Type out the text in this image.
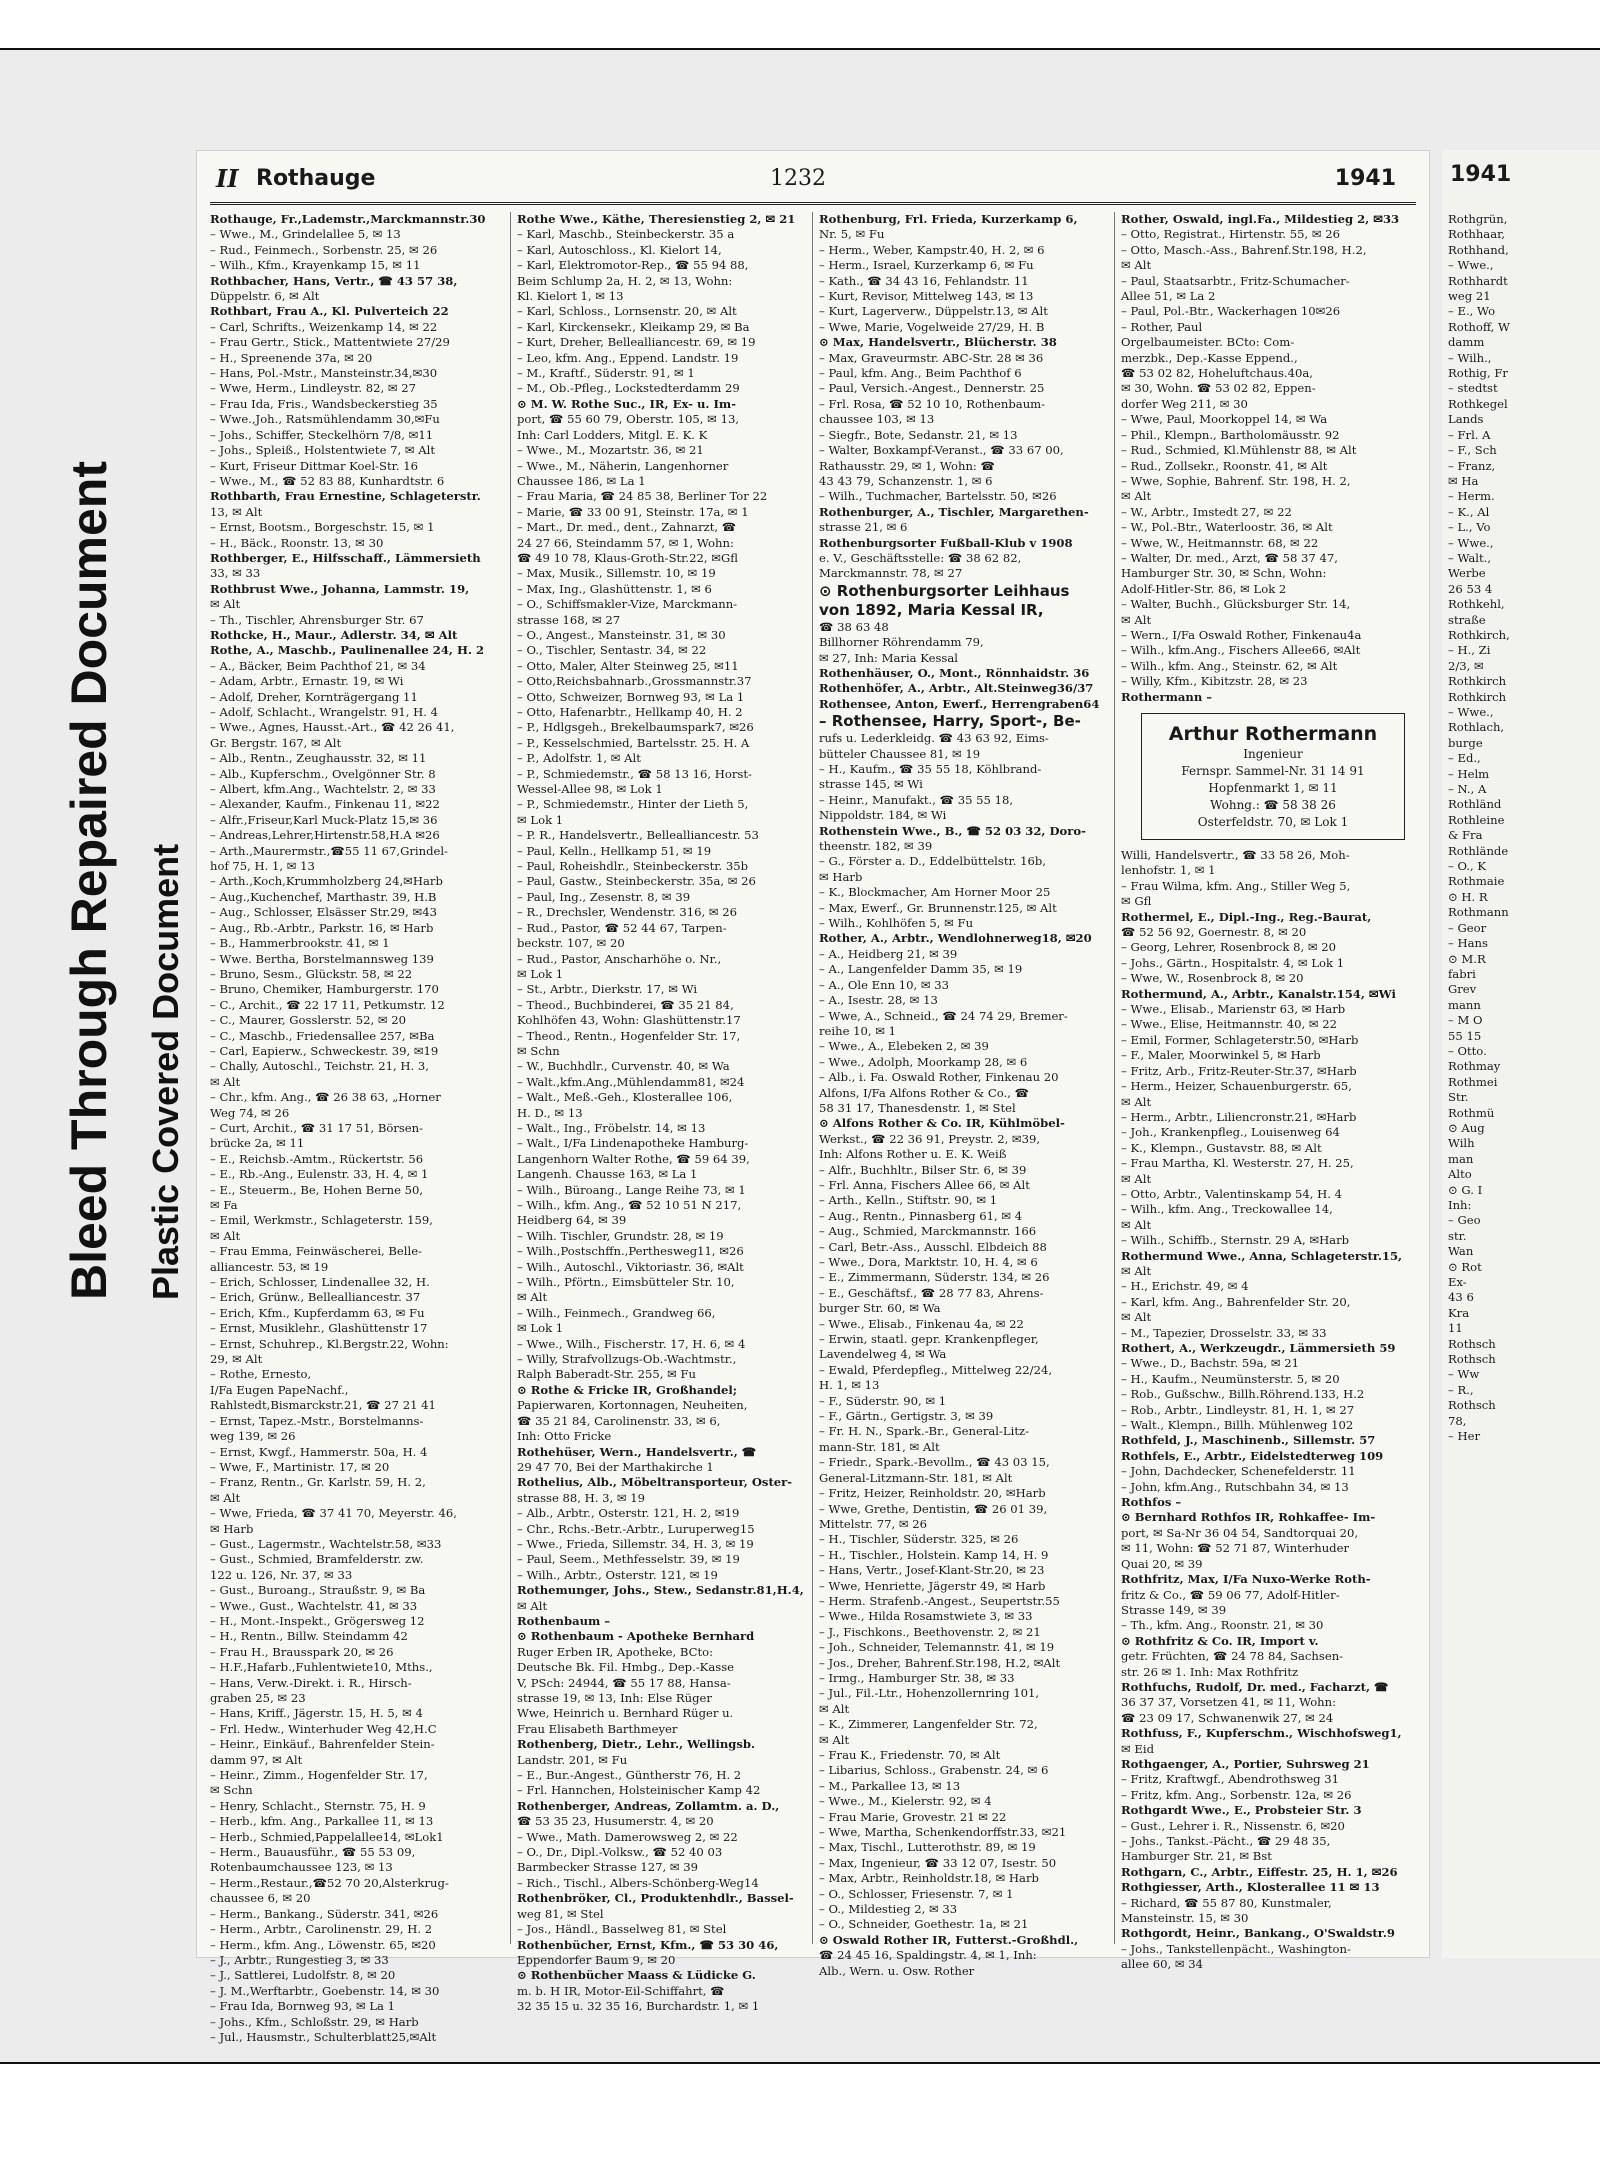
Bleed Through Repaired Document
Plastic Covered Document
II Rothauge	1232	1941

Rothauge, Fr.,Lademstr.,Marckmannstr.30

– Wwe., M., Grindelallee 5, ✉ 13

– Rud., Feinmech., Sorbenstr. 25, ✉ 26

– Wilh., Kfm., Krayenkamp 15, ✉ 11

Rothbacher, Hans, Vertr., ☎ 43 57 38,

Düppelstr. 6, ✉ Alt

Rothbart, Frau A., Kl. Pulverteich 22

– Carl, Schrifts., Weizenkamp 14, ✉ 22

– Frau Gertr., Stick., Mattentwiete 27/29

– H., Spreenende 37a, ✉ 20

– Hans, Pol.-Mstr., Mansteinstr.34,✉30

– Wwe, Herm., Lindleystr. 82, ✉ 27

– Frau Ida, Fris., Wandsbeckerstieg 35

– Wwe.,Joh., Ratsmühlendamm 30,✉Fu

– Johs., Schiffer, Steckelhörn 7/8, ✉11

– Johs., Spleiß., Holstentwiete 7, ✉ Alt

– Kurt, Friseur Dittmar Koel-Str. 16

– Wwe., M., ☎ 52 83 88, Kunhardtstr. 6

Rothbarth, Frau Ernestine, Schlageterstr.

13, ✉ Alt

– Ernst, Bootsm., Borgeschstr. 15, ✉ 1

– H., Bäck., Roonstr. 13, ✉ 30

Rothberger, E., Hilfsschaff., Lämmersieth

33, ✉ 33

Rothbrust Wwe., Johanna, Lammstr. 19,

✉ Alt

– Th., Tischler, Ahrensburger Str. 67

Rothcke, H., Maur., Adlerstr. 34, ✉ Alt

Rothe, A., Maschb., Paulinenallee 24, H. 2

– A., Bäcker, Beim Pachthof 21, ✉ 34

– Adam, Arbtr., Ernastr. 19, ✉ Wi

– Adolf, Dreher, Kornträgergang 11

– Adolf, Schlacht., Wrangelstr. 91, H. 4

– Wwe., Agnes, Hausst.-Art., ☎ 42 26 41,

Gr. Bergstr. 167, ✉ Alt

– Alb., Rentn., Zeughausstr. 32, ✉ 11

– Alb., Kupferschm., Ovelgönner Str. 8

– Albert, kfm.Ang., Wachtelstr. 2, ✉ 33

– Alexander, Kaufm., Finkenau 11, ✉22

– Alfr.,Friseur,Karl Muck-Platz 15,✉ 36

– Andreas,Lehrer,Hirtenstr.58,H.A ✉26

– Arth.,Maurermstr.,☎55 11 67,Grindel-

hof 75, H. 1, ✉ 13

– Arth.,Koch,Krummholzberg 24,✉Harb

– Aug.,Kuchenchef, Marthastr. 39, H.B

– Aug., Schlosser, Elsässer Str.29, ✉43

– Aug., Rb.-Arbtr., Parkstr. 16, ✉ Harb

– B., Hammerbrookstr. 41, ✉ 1

– Wwe. Bertha, Borstelmannsweg 139

– Bruno, Sesm., Glückstr. 58, ✉ 22

– Bruno, Chemiker, Hamburgerstr. 170

– C., Archit., ☎ 22 17 11, Petkumstr. 12

– C., Maurer, Gosslerstr. 52, ✉ 20

– C., Maschb., Friedensallee 257, ✉Ba

– Carl, Eapierw., Schweckestr. 39, ✉19

– Chally, Autoschl., Teichstr. 21, H. 3,

✉ Alt

– Chr., kfm. Ang., ☎ 26 38 63, „Horner

Weg 74, ✉ 26

– Curt, Archit., ☎ 31 17 51, Börsen-

brücke 2a, ✉ 11

– E., Reichsb.-Amtm., Rückertstr. 56

– E., Rb.-Ang., Eulenstr. 33, H. 4, ✉ 1

– E., Steuerm., Be, Hohen Berne 50,

✉ Fa

– Emil, Werkmstr., Schlageterstr. 159,

✉ Alt

– Frau Emma, Feinwäscherei, Belle-

alliancestr. 53, ✉ 19

– Erich, Schlosser, Lindenallee 32, H.

– Erich, Grünw., Bellealliancestr. 37

– Erich, Kfm., Kupferdamm 63, ✉ Fu

– Ernst, Musiklehr., Glashüttenstr 17

– Ernst, Schuhrep., Kl.Bergstr.22, Wohn:

29, ✉ Alt

– Rothe, Ernesto,

I/Fa Eugen PapeNachf.,

Rahlstedt,Bismarckstr.21, ☎ 27 21 41

– Ernst, Tapez.-Mstr., Borstelmanns-

weg 139, ✉ 26

– Ernst, Kwgf., Hammerstr. 50a, H. 4

– Wwe, F., Martinistr. 17, ✉ 20

– Franz, Rentn., Gr. Karlstr. 59, H. 2,

✉ Alt

– Wwe, Frieda, ☎ 37 41 70, Meyerstr. 46,

✉ Harb

– Gust., Lagermstr., Wachtelstr.58, ✉33

– Gust., Schmied, Bramfelderstr. zw.

122 u. 126, Nr. 37, ✉ 33

– Gust., Buroang., Straußstr. 9, ✉ Ba

– Wwe., Gust., Wachtelstr. 41, ✉ 33

– H., Mont.-Inspekt., Grögersweg 12

– H., Rentn., Billw. Steindamm 42

– Frau H., Brausspark 20, ✉ 26

– H.F.,Hafarb.,Fuhlentwiete10, Mths.,

– Hans, Verw.-Direkt. i. R., Hirsch-

graben 25, ✉ 23

– Hans, Kriff., Jägerstr. 15, H. 5, ✉ 4

– Frl. Hedw., Winterhuder Weg 42,H.C

– Heinr., Einkäuf., Bahrenfelder Stein-

damm 97, ✉ Alt

– Heinr., Zimm., Hogenfelder Str. 17,

✉ Schn

– Henry, Schlacht., Sternstr. 75, H. 9

– Herb., kfm. Ang., Parkallee 11, ✉ 13

– Herb., Schmied,Pappelallee14, ✉Lok1

– Herm., Bauausführ., ☎ 55 53 09,

Rotenbaumchaussee 123, ✉ 13

– Herm.,Restaur.,☎52 70 20,Alsterkrug-

chaussee 6, ✉ 20

– Herm., Bankang., Süderstr. 341, ✉26

– Herm., Arbtr., Carolinenstr. 29, H. 2

– Herm., kfm. Ang., Löwenstr. 65, ✉20

– J., Arbtr., Rungestieg 3, ✉ 33

– J., Sattlerei, Ludolfstr. 8, ✉ 20

– J. M.,Werftarbtr., Goebenstr. 14, ✉ 30

– Frau Ida, Bornweg 93, ✉ La 1

– Johs., Kfm., Schloßstr. 29, ✉ Harb

– Jul., Hausmstr., Schulterblatt25,✉Alt

Rothe Wwe., Käthe, Theresienstieg 2, ✉ 21

– Karl, Maschb., Steinbeckerstr. 35 a

– Karl, Autoschloss., Kl. Kielort 14,

– Karl, Elektromotor-Rep., ☎ 55 94 88,

Beim Schlump 2a, H. 2, ✉ 13, Wohn:

Kl. Kielort 1, ✉ 13

– Karl, Schloss., Lornsenstr. 20, ✉ Alt

– Karl, Kirckensekr., Kleikamp 29, ✉ Ba

– Kurt, Dreher, Bellealliancestr. 69, ✉ 19

– Leo, kfm. Ang., Eppend. Landstr. 19

– M., Kraftf., Süderstr. 91, ✉ 1

– M., Ob.-Pfleg., Lockstedterdamm 29

⊙ M. W. Rothe Suc., IR, Ex- u. Im-

port, ☎ 55 60 79, Oberstr. 105, ✉ 13,

Inh: Carl Lodders, Mitgl. E. K. K

– Wwe., M., Mozartstr. 36, ✉ 21

– Wwe., M., Näherin, Langenhorner

Chaussee 186, ✉ La 1

– Frau Maria, ☎ 24 85 38, Berliner Tor 22

– Marie, ☎ 33 00 91, Steinstr. 17a, ✉ 1

– Mart., Dr. med., dent., Zahnarzt, ☎

24 27 66, Steindamm 57, ✉ 1, Wohn:

☎ 49 10 78, Klaus-Groth-Str.22, ✉Gfl

– Max, Musik., Sillemstr. 10, ✉ 19

– Max, Ing., Glashüttenstr. 1, ✉ 6

– O., Schiffsmakler-Vize, Marckmann-

strasse 168, ✉ 27

– O., Angest., Mansteinstr. 31, ✉ 30

– O., Tischler, Sentastr. 34, ✉ 22

– Otto, Maler, Alter Steinweg 25, ✉11

– Otto,Reichsbahnarb.,Grossmannstr.37

– Otto, Schweizer, Bornweg 93, ✉ La 1

– Otto, Hafenarbtr., Hellkamp 40, H. 2

– P., Hdlgsgeh., Brekelbaumspark7, ✉26

– P., Kesselschmied, Bartelsstr. 25. H. A

– P., Adolfstr. 1, ✉ Alt

– P., Schmiedemstr., ☎ 58 13 16, Horst-

Wessel-Allee 98, ✉ Lok 1

– P., Schmiedemstr., Hinter der Lieth 5,

✉ Lok 1

– P. R., Handelsvertr., Bellealliancestr. 53

– Paul, Kelln., Hellkamp 51, ✉ 19

– Paul, Roheishdlr., Steinbeckerstr. 35b

– Paul, Gastw., Steinbeckerstr. 35a, ✉ 26

– Paul, Ing., Zesenstr. 8, ✉ 39

– R., Drechsler, Wendenstr. 316, ✉ 26

– Rud., Pastor, ☎ 52 44 67, Tarpen-

beckstr. 107, ✉ 20

– Rud., Pastor, Anscharhöhe o. Nr.,

✉ Lok 1

– St., Arbtr., Dierkstr. 17, ✉ Wi

– Theod., Buchbinderei, ☎ 35 21 84,

Kohlhöfen 43, Wohn: Glashüttenstr.17

– Theod., Rentn., Hogenfelder Str. 17,

✉ Schn

– W., Buchhdlr., Curvenstr. 40, ✉ Wa

– Walt.,kfm.Ang.,Mühlendamm81, ✉24

– Walt., Meß.-Geh., Klosterallee 106,

H. D., ✉ 13

– Walt., Ing., Fröbelstr. 14, ✉ 13

– Walt., I/Fa Lindenapotheke Hamburg-

Langenhorn Walter Rothe, ☎ 59 64 39,

Langenh. Chausse 163, ✉ La 1

– Wilh., Büroang., Lange Reihe 73, ✉ 1

– Wilh., kfm. Ang., ☎ 52 10 51 N 217,

Heidberg 64, ✉ 39

– Wilh. Tischler, Grundstr. 28, ✉ 19

– Wilh.,Postschffn.,Perthesweg11, ✉26

– Wilh., Autoschl., Viktoriastr. 36, ✉Alt

– Wilh., Pförtn., Eimsbütteler Str. 10,

✉ Alt

– Wilh., Feinmech., Grandweg 66,

✉ Lok 1

– Wwe., Wilh., Fischerstr. 17, H. 6, ✉ 4

– Willy, Strafvollzugs-Ob.-Wachtmstr.,

Ralph Baberadt-Str. 255, ✉ Fu

⊙ Rothe & Fricke IR, Großhandel;

Papierwaren, Kortonnagen, Neuheiten,

☎ 35 21 84, Carolinenstr. 33, ✉ 6,

Inh: Otto Fricke

Rothehüser, Wern., Handelsvertr., ☎

29 47 70, Bei der Marthakirche 1

Rothelius, Alb., Möbeltransporteur, Oster-

strasse 88, H. 3, ✉ 19

– Alb., Arbtr., Osterstr. 121, H. 2, ✉19

– Chr., Rchs.-Betr.-Arbtr., Luruperweg15

– Wwe., Frieda, Sillemstr. 34, H. 3, ✉ 19

– Paul, Seem., Methfesselstr. 39, ✉ 19

– Wilh., Arbtr., Osterstr. 121, ✉ 19

Rothemunger, Johs., Stew., Sedanstr.81,H.4,

✉ Alt

Rothenbaum –

⊙ Rothenbaum - Apotheke Bernhard

Ruger Erben IR, Apotheke, BCto:

Deutsche Bk. Fil. Hmbg., Dep.-Kasse

V, PSch: 24944, ☎ 55 17 88, Hansa-

strasse 19, ✉ 13, Inh: Else Rüger

Wwe, Heinrich u. Bernhard Rüger u.

Frau Elisabeth Barthmeyer

Rothenberg, Dietr., Lehr., Wellingsb.

Landstr. 201, ✉ Fu

– E., Bur.-Angest., Güntherstr 76, H. 2

– Frl. Hannchen, Holsteinischer Kamp 42

Rothenberger, Andreas, Zollamtm. a. D.,

☎ 53 35 23, Husumerstr. 4, ✉ 20

– Wwe., Math. Damerowsweg 2, ✉ 22

– O., Dr., Dipl.-Volksw., ☎ 52 40 03

Barmbecker Strasse 127, ✉ 39

– Rich., Tischl., Albers-Schönberg-Weg14

Rothenbröker, Cl., Produktenhdlr., Bassel-

weg 81, ✉ Stel

– Jos., Händl., Basselweg 81, ✉ Stel

Rothenbücher, Ernst, Kfm., ☎ 53 30 46,

Eppendorfer Baum 9, ✉ 20

⊙ Rothenbücher Maass & Lüdicke G.

m. b. H IR, Motor-Eil-Schiffahrt, ☎

32 35 15 u. 32 35 16, Burchardstr. 1, ✉ 1

Rothenburg, Frl. Frieda, Kurzerkamp 6,

Nr. 5, ✉ Fu

– Herm., Weber, Kampstr.40, H. 2, ✉ 6

– Herm., Israel, Kurzerkamp 6, ✉ Fu

– Kath., ☎ 34 43 16, Fehlandstr. 11

– Kurt, Revisor, Mittelweg 143, ✉ 13

– Kurt, Lagerverw., Düppelstr.13, ✉ Alt

– Wwe, Marie, Vogelweide 27/29, H. B

⊙ Max, Handelsvertr., Blücherstr. 38

– Max, Graveurmstr. ABC-Str. 28 ✉ 36

– Paul, kfm. Ang., Beim Pachthof 6

– Paul, Versich.-Angest., Dennerstr. 25

– Frl. Rosa, ☎ 52 10 10, Rothenbaum-

chaussee 103, ✉ 13

– Siegfr., Bote, Sedanstr. 21, ✉ 13

– Walter, Boxkampf-Veranst., ☎ 33 67 00,

Rathausstr. 29, ✉ 1, Wohn: ☎

43 43 79, Schanzenstr. 1, ✉ 6

– Wilh., Tuchmacher, Bartelsstr. 50, ✉26

Rothenburger, A., Tischler, Margarethen-

strasse 21, ✉ 6

Rothenburgsorter Fußball-Klub v 1908

e. V., Geschäftsstelle: ☎ 38 62 82,

Marckmannstr. 78, ✉ 27

⊙ Rothenburgsorter Leihhaus

von 1892, Maria Kessal IR,

☎ 38 63 48

Billhorner Röhrendamm 79,

✉ 27, Inh: Maria Kessal

Rothenhäuser, O., Mont., Rönnhaidstr. 36

Rothenhöfer, A., Arbtr., Alt.Steinweg36/37

Rothensee, Anton, Ewerf., Herrengraben64

– Rothensee, Harry, Sport-, Be-

rufs u. Lederkleidg. ☎ 43 63 92, Eims-

bütteler Chaussee 81, ✉ 19

– H., Kaufm., ☎ 35 55 18, Köhlbrand-

strasse 145, ✉ Wi

– Heinr., Manufakt., ☎ 35 55 18,

Nippoldstr. 184, ✉ Wi

Rothenstein Wwe., B., ☎ 52 03 32, Doro-

theenstr. 182, ✉ 39

– G., Förster a. D., Eddelbüttelstr. 16b,

✉ Harb

– K., Blockmacher, Am Horner Moor 25

– Max, Ewerf., Gr. Brunnenstr.125, ✉ Alt

– Wilh., Kohlhöfen 5, ✉ Fu

Rother, A., Arbtr., Wendlohnerweg18, ✉20

– A., Heidberg 21, ✉ 39

– A., Langenfelder Damm 35, ✉ 19

– A., Ole Enn 10, ✉ 33

– A., Isestr. 28, ✉ 13

– Wwe, A., Schneid., ☎ 24 74 29, Bremer-

reihe 10, ✉ 1

– Wwe., A., Elebeken 2, ✉ 39

– Wwe., Adolph, Moorkamp 28, ✉ 6

– Alb., i. Fa. Oswald Rother, Finkenau 20

Alfons, I/Fa Alfons Rother & Co., ☎

58 31 17, Thanesdenstr. 1, ✉ Stel

⊙ Alfons Rother & Co. IR, Kühlmöbel-

Werkst., ☎ 22 36 91, Preystr. 2, ✉39,

Inh: Alfons Rother u. E. K. Weiß

– Alfr., Buchhltr., Bilser Str. 6, ✉ 39

– Frl. Anna, Fischers Allee 66, ✉ Alt

– Arth., Kelln., Stiftstr. 90, ✉ 1

– Aug., Rentn., Pinnasberg 61, ✉ 4

– Aug., Schmied, Marckmannstr. 166

– Carl, Betr.-Ass., Ausschl. Elbdeich 88

– Wwe., Dora, Marktstr. 10, H. 4, ✉ 6

– E., Zimmermann, Süderstr. 134, ✉ 26

– E., Geschäftsf., ☎ 28 77 83, Ahrens-

burger Str. 60, ✉ Wa

– Wwe., Elisab., Finkenau 4a, ✉ 22

– Erwin, staatl. gepr. Krankenpfleger,

Lavendelweg 4, ✉ Wa

– Ewald, Pferdepfleg., Mittelweg 22/24,

H. 1, ✉ 13

– F., Süderstr. 90, ✉ 1

– F., Gärtn., Gertigstr. 3, ✉ 39

– Fr. H. N., Spark.-Br., General-Litz-

mann-Str. 181, ✉ Alt

– Friedr., Spark.-Bevollm., ☎ 43 03 15,

General-Litzmann-Str. 181, ✉ Alt

– Fritz, Heizer, Reinholdstr. 20, ✉Harb

– Wwe, Grethe, Dentistin, ☎ 26 01 39,

Mittelstr. 77, ✉ 26

– H., Tischler, Süderstr. 325, ✉ 26

– H., Tischler., Holstein. Kamp 14, H. 9

– Hans, Vertr., Josef-Klant-Str.20, ✉ 23

– Wwe, Henriette, Jägerstr 49, ✉ Harb

– Herm. Strafenb.-Angest., Seupertstr.55

– Wwe., Hilda Rosamstwiete 3, ✉ 33

– J., Fischkons., Beethovenstr. 2, ✉ 21

– Joh., Schneider, Telemannstr. 41, ✉ 19

– Jos., Dreher, Bahrenf.Str.198, H.2, ✉Alt

– Irmg., Hamburger Str. 38, ✉ 33

– Jul., Fil.-Ltr., Hohenzollernring 101,

✉ Alt

– K., Zimmerer, Langenfelder Str. 72,

✉ Alt

– Frau K., Friedenstr. 70, ✉ Alt

– Libarius, Schloss., Grabenstr. 24, ✉ 6

– M., Parkallee 13, ✉ 13

– Wwe., M., Kielerstr. 92, ✉ 4

– Frau Marie, Grovestr. 21 ✉ 22

– Wwe, Martha, Schenkendorffstr.33, ✉21

– Max, Tischl., Lutterothstr. 89, ✉ 19

– Max, Ingenieur, ☎ 33 12 07, Isestr. 50

– Max, Arbtr., Reinholdstr.18, ✉ Harb

– O., Schlosser, Friesenstr. 7, ✉ 1

– O., Mildestieg 2, ✉ 33

– O., Schneider, Goethestr. 1a, ✉ 21

⊙ Oswald Rother IR, Futterst.-Großhdl.,

☎ 24 45 16, Spaldingstr. 4, ✉ 1, Inh:

Alb., Wern. u. Osw. Rother

Rother, Oswald, ingl.Fa., Mildestieg 2, ✉33

– Otto, Registrat., Hirtenstr. 55, ✉ 26

– Otto, Masch.-Ass., Bahrenf.Str.198, H.2,

✉ Alt

– Paul, Staatsarbtr., Fritz-Schumacher-

Allee 51, ✉ La 2

– Paul, Pol.-Btr., Wackerhagen 10✉26

– Rother, Paul

Orgelbaumeister. BCto: Com-

merzbk., Dep.-Kasse Eppend.,

☎ 53 02 82, Hoheluftchaus.40a,

✉ 30, Wohn. ☎ 53 02 82, Eppen-

dorfer Weg 211, ✉ 30

– Wwe, Paul, Moorkoppel 14, ✉ Wa

– Phil., Klempn., Bartholomäusstr. 92

– Rud., Schmied, Kl.Mühlenstr 88, ✉ Alt

– Rud., Zollsekr., Roonstr. 41, ✉ Alt

– Wwe, Sophie, Bahrenf. Str. 198, H. 2,

✉ Alt

– W., Arbtr., Imstedt 27, ✉ 22

– W., Pol.-Btr., Waterloostr. 36, ✉ Alt

– Wwe, W., Heitmannstr. 68, ✉ 22

– Walter, Dr. med., Arzt, ☎ 58 37 47,

Hamburger Str. 30, ✉ Schn, Wohn:

Adolf-Hitler-Str. 86, ✉ Lok 2

– Walter, Buchh., Glücksburger Str. 14,

✉ Alt

– Wern., I/Fa Oswald Rother, Finkenau4a

– Wilh., kfm.Ang., Fischers Allee66, ✉Alt

– Wilh., kfm. Ang., Steinstr. 62, ✉ Alt

– Willy, Kfm., Kibitzstr. 28, ✉ 23

Rothermann –

Arthur Rothermann
Ingenieur
Fernspr. Sammel-Nr. 31 14 91
Hopfenmarkt 1, ✉ 11
Wohng.: ☎ 58 38 26
Osterfeldstr. 70, ✉ Lok 1

Willi, Handelsvertr., ☎ 33 58 26, Moh-

lenhofstr. 1, ✉ 1

– Frau Wilma, kfm. Ang., Stiller Weg 5,

✉ Gfl

Rothermel, E., Dipl.-Ing., Reg.-Baurat,

☎ 52 56 92, Goernestr. 8, ✉ 20

– Georg, Lehrer, Rosenbrock 8, ✉ 20

– Johs., Gärtn., Hospitalstr. 4, ✉ Lok 1

– Wwe, W., Rosenbrock 8, ✉ 20

Rothermund, A., Arbtr., Kanalstr.154, ✉Wi

– Wwe., Elisab., Marienstr 63, ✉ Harb

– Wwe., Elise, Heitmannstr. 40, ✉ 22

– Emil, Former, Schlageterstr.50, ✉Harb

– F., Maler, Moorwinkel 5, ✉ Harb

– Fritz, Arb., Fritz-Reuter-Str.37, ✉Harb

– Herm., Heizer, Schauenburgerstr. 65,

✉ Alt

– Herm., Arbtr., Liliencronstr.21, ✉Harb

– Joh., Krankenpfleg., Louisenweg 64

– K., Klempn., Gustavstr. 88, ✉ Alt

– Frau Martha, Kl. Westerstr. 27, H. 25,

✉ Alt

– Otto, Arbtr., Valentinskamp 54, H. 4

– Wilh., kfm. Ang., Treckowallee 14,

✉ Alt

– Wilh., Schiffb., Sternstr. 29 A, ✉Harb

Rothermund Wwe., Anna, Schlageterstr.15,

✉ Alt

– H., Erichstr. 49, ✉ 4

– Karl, kfm. Ang., Bahrenfelder Str. 20,

✉ Alt

– M., Tapezier, Drosselstr. 33, ✉ 33

Rothert, A., Werkzeugdr., Lämmersieth 59

– Wwe., D., Bachstr. 59a, ✉ 21

– H., Kaufm., Neumünsterstr. 5, ✉ 20

– Rob., Gußschw., Billh.Röhrend.133, H.2

– Rob., Arbtr., Lindleystr. 81, H. 1, ✉ 27

– Walt., Klempn., Billh. Mühlenweg 102

Rothfeld, J., Maschinenb., Sillemstr. 57

Rothfels, E., Arbtr., Eidelstedterweg 109

– John, Dachdecker, Schenefelderstr. 11

– John, kfm.Ang., Rutschbahn 34, ✉ 13

Rothfos –

⊙ Bernhard Rothfos IR, Rohkaffee- Im-

port, ✉ Sa-Nr 36 04 54, Sandtorquai 20,

✉ 11, Wohn: ☎ 52 71 87, Winterhuder

Quai 20, ✉ 39

Rothfritz, Max, I/Fa Nuxo-Werke Roth-

fritz & Co., ☎ 59 06 77, Adolf-Hitler-

Strasse 149, ✉ 39

– Th., kfm. Ang., Roonstr. 21, ✉ 30

⊙ Rothfritz & Co. IR, Import v.

getr. Früchten, ☎ 24 78 84, Sachsen-

str. 26 ✉ 1. Inh: Max Rothfritz

Rothfuchs, Rudolf, Dr. med., Facharzt, ☎

36 37 37, Vorsetzen 41, ✉ 11, Wohn:

☎ 23 09 17, Schwanenwik 27, ✉ 24

Rothfuss, F., Kupferschm., Wischhofsweg1,

✉ Eid

Rothgaenger, A., Portier, Suhrsweg 21

– Fritz, Kraftwgf., Abendrothsweg 31

– Fritz, kfm. Ang., Sorbenstr. 12a, ✉ 26

Rothgardt Wwe., E., Probsteier Str. 3

– Gust., Lehrer i. R., Nissenstr. 6, ✉20

– Johs., Tankst.-Pächt., ☎ 29 48 35,

Hamburger Str. 21, ✉ Bst

Rothgarn, C., Arbtr., Eiffestr. 25, H. 1, ✉26

Rothgiesser, Arth., Klosterallee 11 ✉ 13

– Richard, ☎ 55 87 80, Kunstmaler,

Mansteinstr. 15, ✉ 30

Rothgordt, Heinr., Bankang., O'Swaldstr.9

– Johs., Tankstellenpächt., Washington-

allee 60, ✉ 34

1941

Rothgrün,

Rothhaar,

Rothhand,

– Wwe.,

Rothhardt

weg 21

– E., Wo

Rothoff, W

damm

– Wilh.,

Rothig, Fr

– stedtst

Rothkegel

Lands

– Frl. A

– F., Sch

– Franz,

✉ Ha

– Herm.

– K., Al

– L., Vo

– Wwe.,

– Walt.,

Werbe

26 53 4

Rothkehl,

straße

Rothkirch,

– H., Zi

2/3, ✉

Rothkirch

Rothkirch

– Wwe.,

Rothlach,

burge

– Ed.,

– Helm

– N., A

Rothländ

Rothleine

& Fra

Rothlände

– O., K

Rothmaie

⊙ H. R

Rothmann

– Geor

– Hans

⊙ M.R

fabri

Grev

mann

– M O

55 15

– Otto.

Rothmay

Rothmei

Str.

Rothmü

⊙ Aug

Wilh

man

Alto

⊙ G. I

Inh:

– Geo

str.

Wan

⊙ Rot

Ex-

43 6

Kra

11

Rothsch

Rothsch

– Ww

– R.,

Rothsch

78,

– Her
